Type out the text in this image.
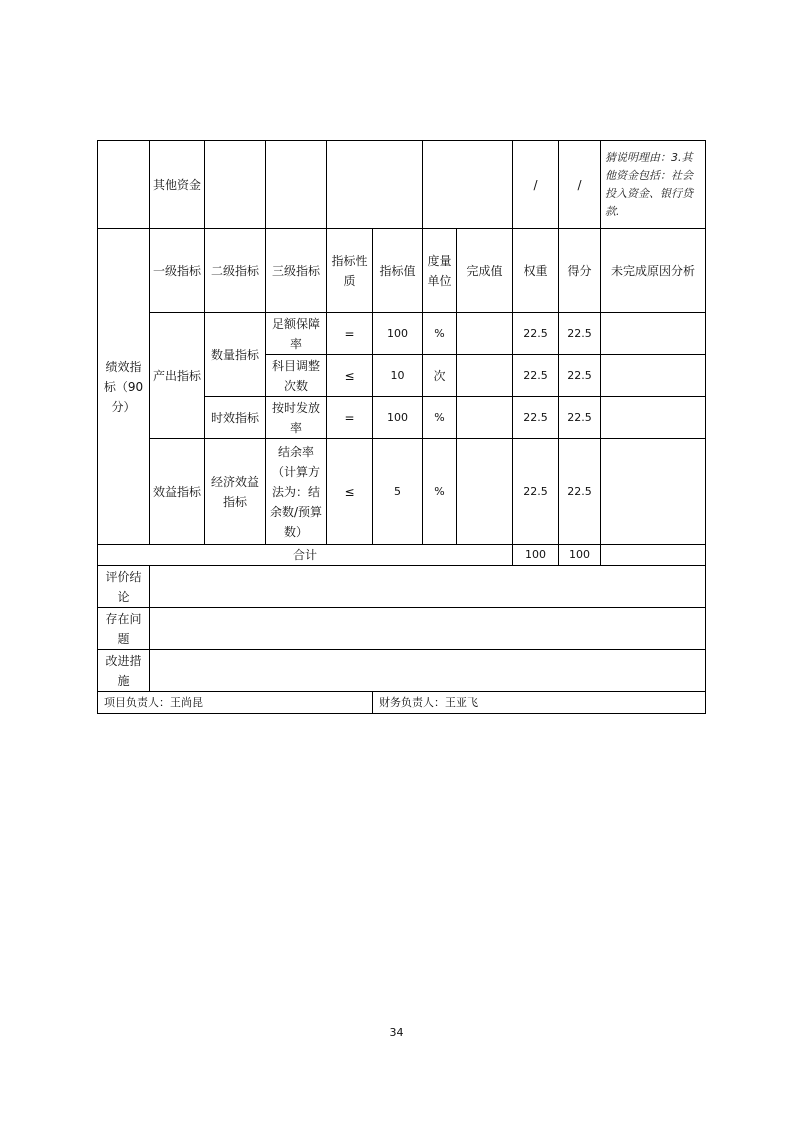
	其他资金							/	/	猜说明理由：3.其他资金包括：社会投入资金、银行贷款.
绩效指标（90分）	一级指标	二级指标	三级指标	指标性质	指标值	度量单位	完成值	权重	得分	未完成原因分析
	产出指标	数量指标	足额保障率	=	100	%		22.5	22.5	
			科目调整次数	≤	10	次		22.5	22.5	
		时效指标	按时发放率	=	100	%		22.5	22.5	
	效益指标	经济效益指标	结余率（计算方法为：结余数/预算数）	≤	5	%		22.5	22.5	
合计								100	100	
评价结论										
存在问题										
改进措施										
项目负责人：王尚昆					财务负责人：王亚飞					
34
